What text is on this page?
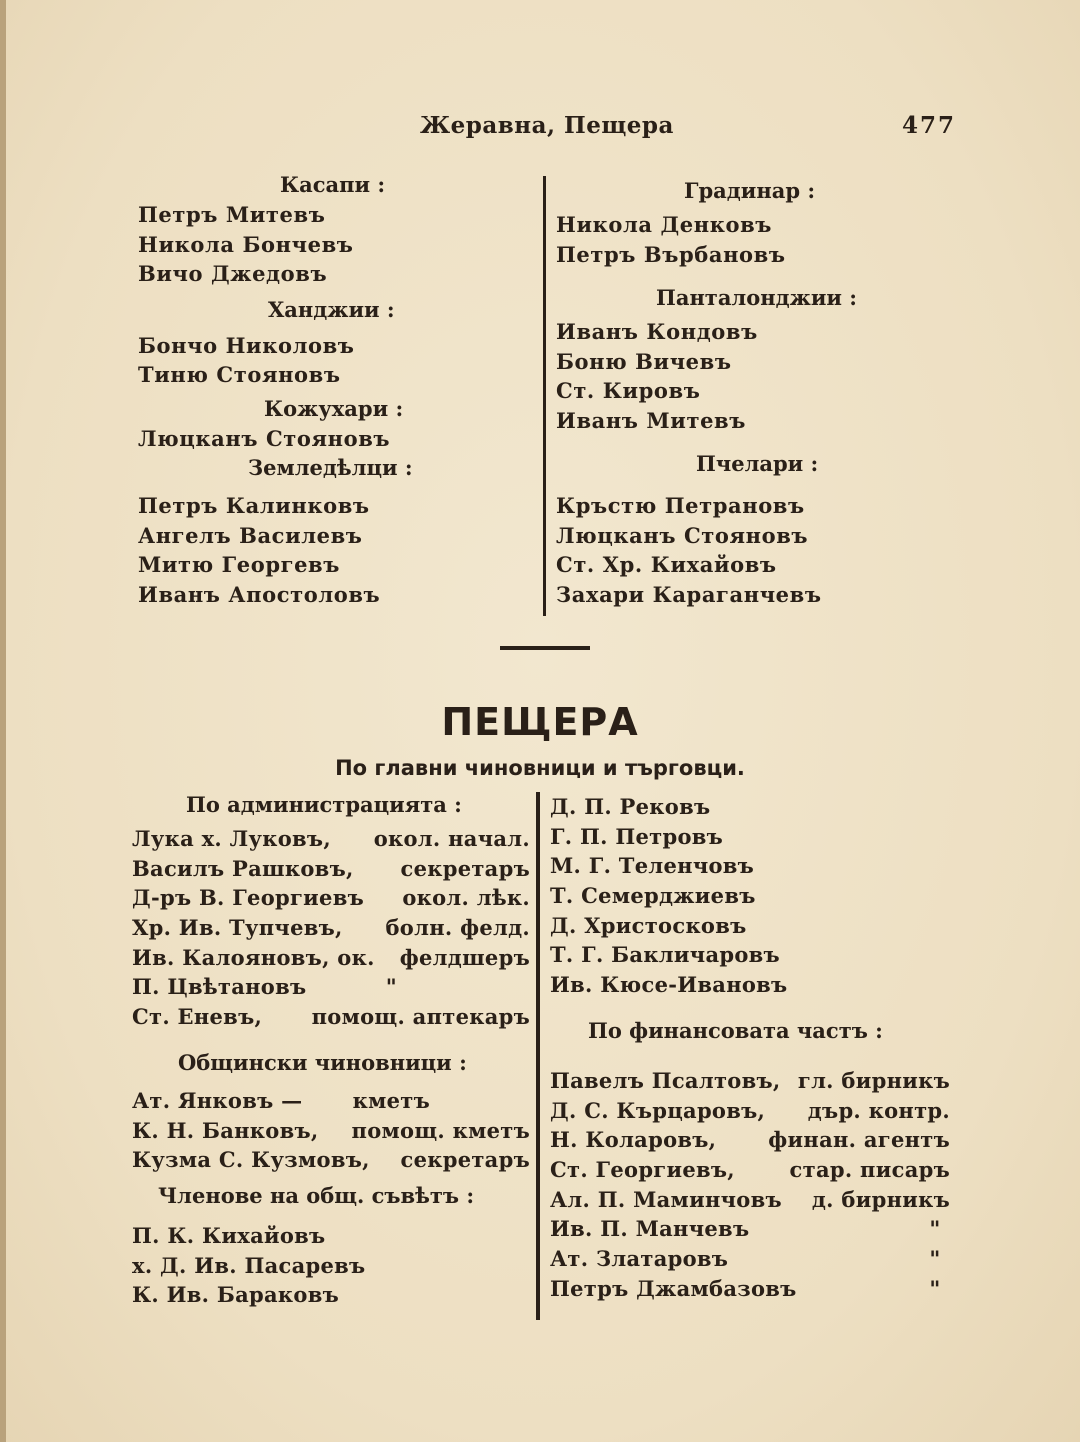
Жеравна, Пещера	477
Касапи :
Петръ Митевъ
Никола Бончевъ
Вичо Джедовъ
Ханджии :
Бончо Николовъ
Тиню Стояновъ
Кожухари :
Люцканъ Стояновъ
Земледѣлци :
Петръ Калинковъ
Ангелъ Василевъ
Митю Георгевъ
Иванъ Апостоловъ
Градинар :
Никола Денковъ
Петръ Върбановъ
Панталонджии :
Иванъ Кондовъ
Боню Вичевъ
Ст. Кировъ
Иванъ Митевъ
Пчелари :
Кръстю Петрановъ
Люцканъ Стояновъ
Ст. Хр. Кихайовъ
Захари Караганчевъ
ПЕЩЕРА
По главни чиновници и търговци.
По администрацията :
Лука х. Луковъ, окол. начал.
Василъ Рашковъ, секретаръ
Д-ръ В. Георгиевъ окол. лѣк.
Хр. Ив. Тупчевъ, болн. фелд.
Ив. Калояновъ, ок. фелдшеръ
П. Цвѣтановъ	"
Ст. Еневъ, помощ. аптекаръ
Общински чиновници :
Ат. Янковъ — кметъ
К. Н. Банковъ, помощ. кметъ
Кузма С. Кузмовъ, секретаръ
Членове на общ. съвѣтъ :
П. К. Кихайовъ
х. Д. Ив. Пасаревъ
К. Ив. Бараковъ
Д. П. Рековъ
Г. П. Петровъ
М. Г. Теленчовъ
Т. Семерджиевъ
Д. Христосковъ
Т. Г. Бакличаровъ
Ив. Кюсе-Ивановъ
По финансовата частъ :
Павелъ Псалтовъ, гл. бирникъ
Д. С. Кърцаровъ, дър. контр.
Н. Коларовъ, финан. агентъ
Ст. Георгиевъ,	стар. писаръ
Ал. П. Маминчовъ д. бирникъ
Ив. П. Манчевъ	"
Ат. Златаровъ	"
Петръ Джамбазовъ	"
